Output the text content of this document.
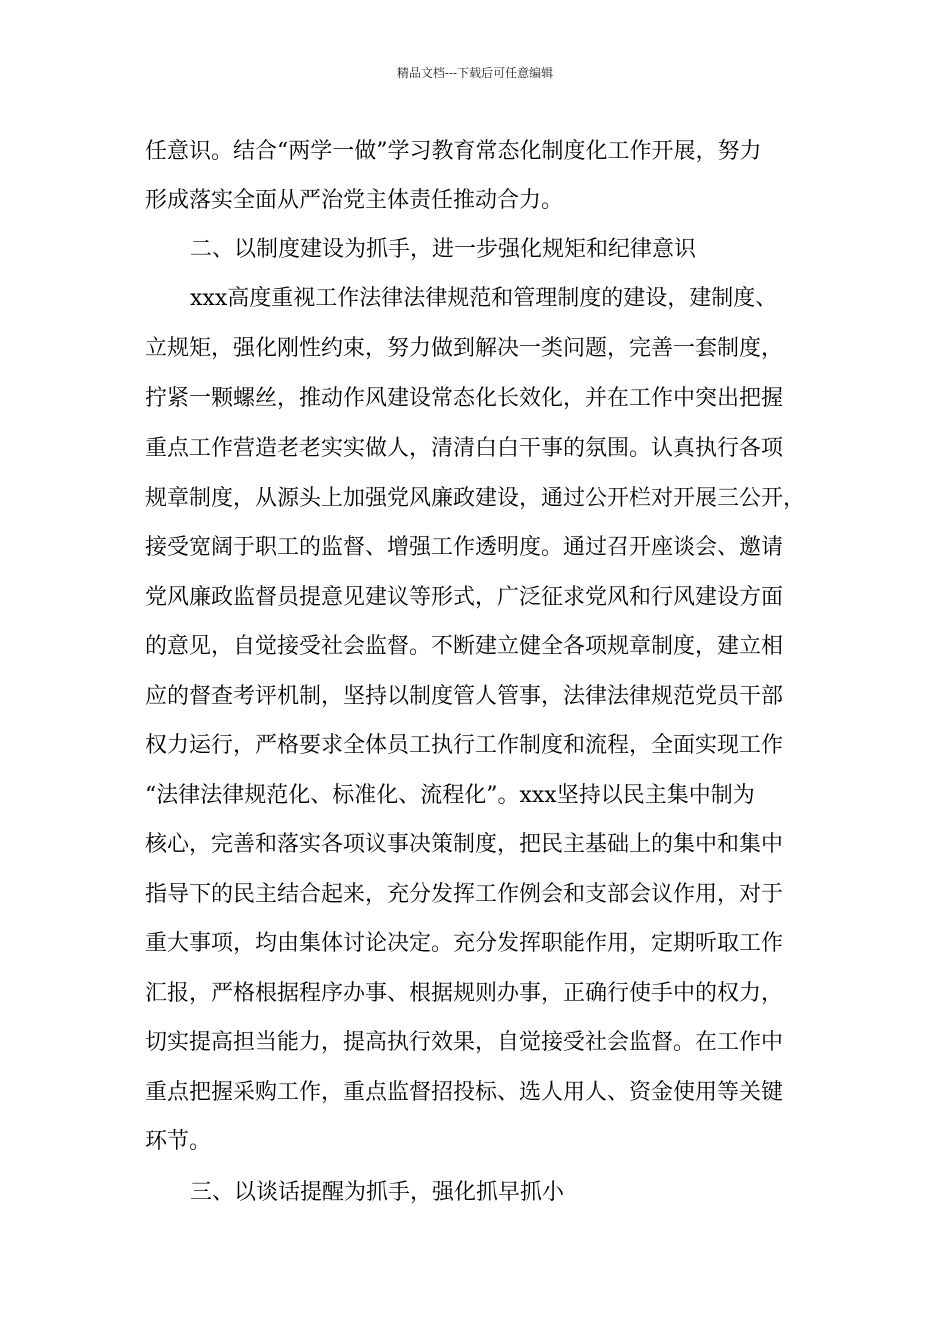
精品文档---下载后可任意编辑
任意识。结合“两学一做”学习教育常态化制度化工作开展，努力
形成落实全面从严治党主体责任推动合力。
二、以制度建设为抓手，进一步强化规矩和纪律意识
xxx高度重视工作法律法律规范和管理制度的建设，建制度、
立规矩，强化刚性约束，努力做到解决一类问题，完善一套制度，
拧紧一颗螺丝，推动作风建设常态化长效化，并在工作中突出把握
重点工作营造老老实实做人，清清白白干事的氛围。认真执行各项
规章制度，从源头上加强党风廉政建设，通过公开栏对开展三公开，
接受宽阔于职工的监督、增强工作透明度。通过召开座谈会、邀请
党风廉政监督员提意见建议等形式，广泛征求党风和行风建设方面
的意见，自觉接受社会监督。不断建立健全各项规章制度，建立相
应的督查考评机制，坚持以制度管人管事，法律法律规范党员干部
权力运行，严格要求全体员工执行工作制度和流程，全面实现工作
“法律法律规范化、标准化、流程化”。xxx坚持以民主集中制为
核心，完善和落实各项议事决策制度，把民主基础上的集中和集中
指导下的民主结合起来，充分发挥工作例会和支部会议作用，对于
重大事项，均由集体讨论决定。充分发挥职能作用，定期听取工作
汇报，严格根据程序办事、根据规则办事，正确行使手中的权力，
切实提高担当能力，提高执行效果，自觉接受社会监督。在工作中
重点把握采购工作，重点监督招投标、选人用人、资金使用等关键
环节。
三、以谈话提醒为抓手，强化抓早抓小
